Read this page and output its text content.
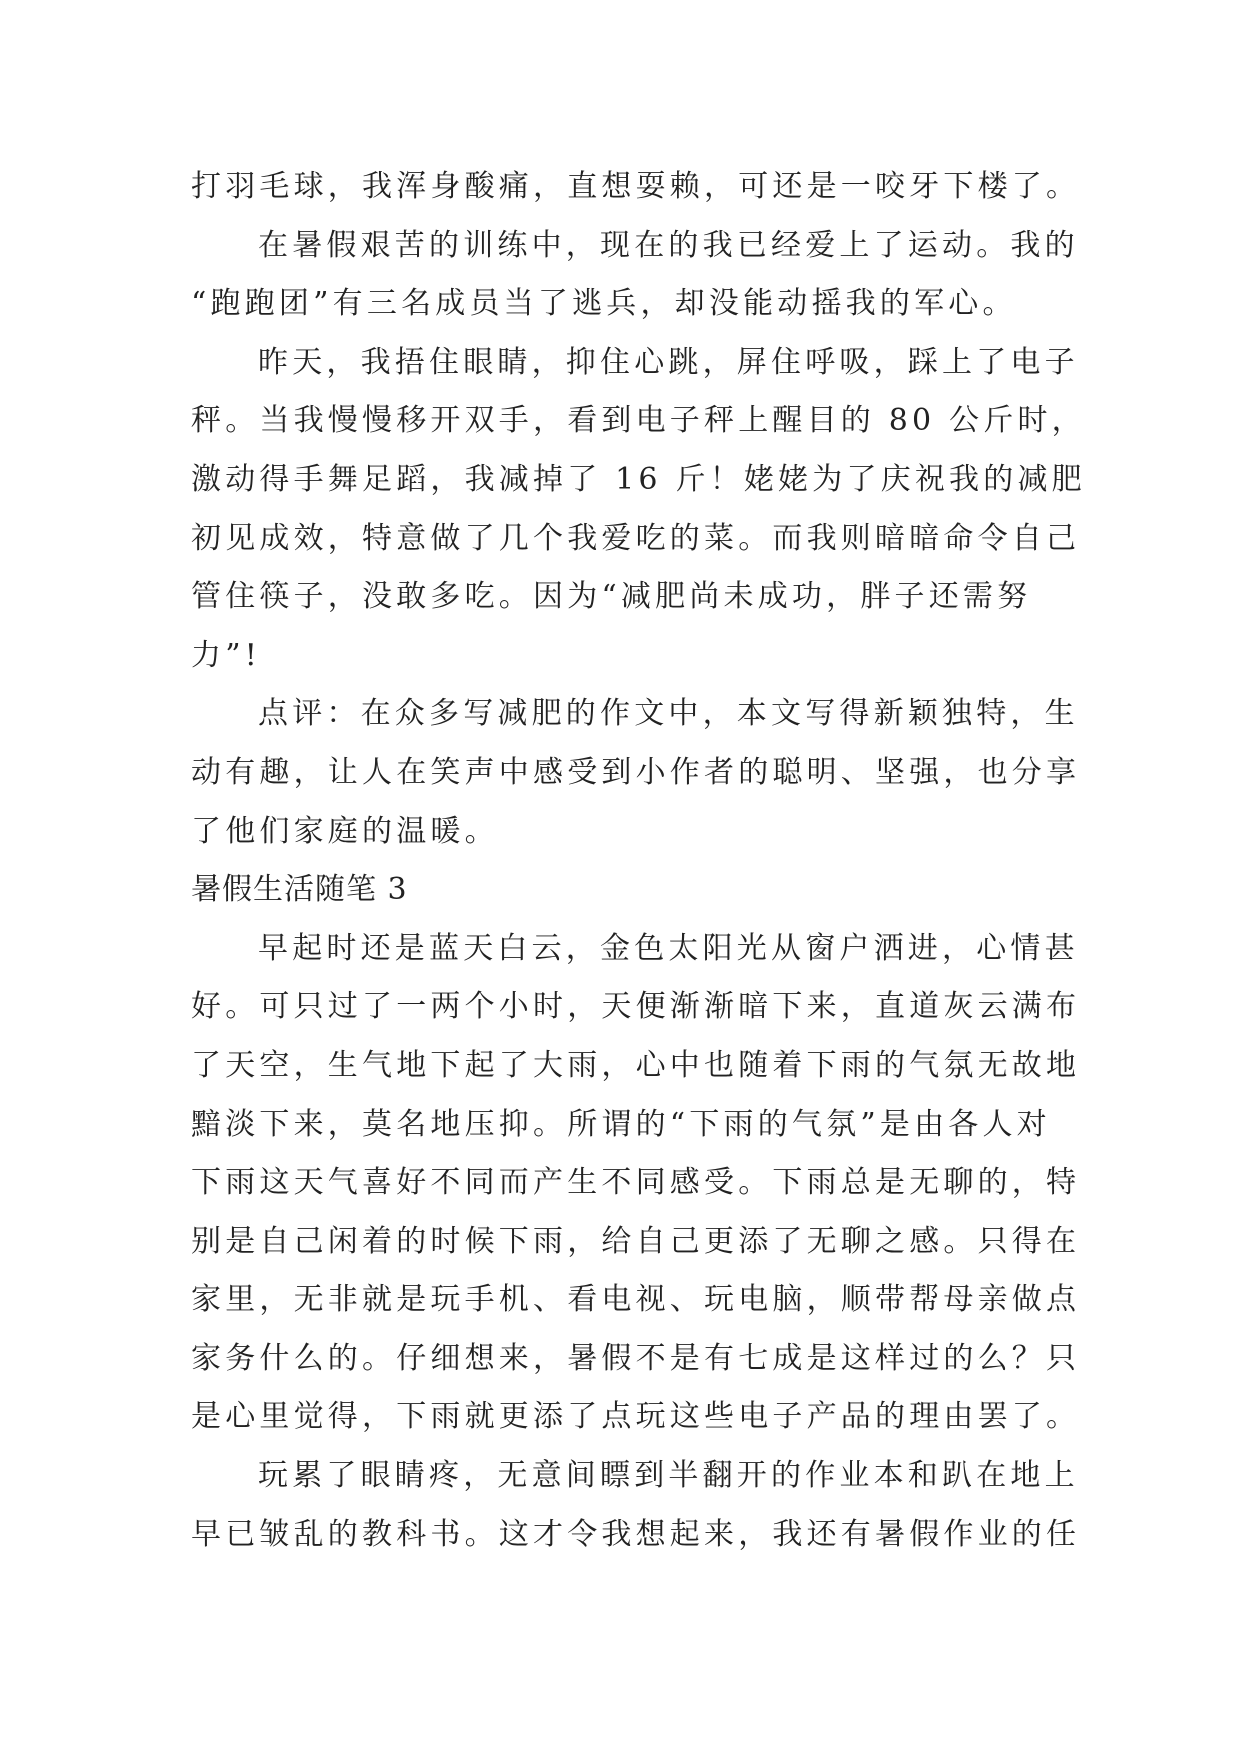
打羽毛球，我浑身酸痛，直想耍赖，可还是一咬牙下楼了。
在暑假艰苦的训练中，现在的我已经爱上了运动。我的
“跑跑团”有三名成员当了逃兵，却没能动摇我的军心。
昨天，我捂住眼睛，抑住心跳，屏住呼吸，踩上了电子
秤。当我慢慢移开双手，看到电子秤上醒目的 80 公斤时，
激动得手舞足蹈，我减掉了 16 斤！姥姥为了庆祝我的减肥
初见成效，特意做了几个我爱吃的菜。而我则暗暗命令自己
管住筷子，没敢多吃。因为“减肥尚未成功，胖子还需努
力”!
点评：在众多写减肥的作文中，本文写得新颖独特，生
动有趣，让人在笑声中感受到小作者的聪明、坚强，也分享
了他们家庭的温暖。
暑假生活随笔 3
早起时还是蓝天白云，金色太阳光从窗户洒进，心情甚
好。可只过了一两个小时，天便渐渐暗下来，直道灰云满布
了天空，生气地下起了大雨，心中也随着下雨的气氛无故地
黯淡下来，莫名地压抑。所谓的“下雨的气氛”是由各人对
下雨这天气喜好不同而产生不同感受。下雨总是无聊的，特
别是自己闲着的时候下雨，给自己更添了无聊之感。只得在
家里，无非就是玩手机、看电视、玩电脑，顺带帮母亲做点
家务什么的。仔细想来，暑假不是有七成是这样过的么？只
是心里觉得，下雨就更添了点玩这些电子产品的理由罢了。
玩累了眼睛疼，无意间瞟到半翻开的作业本和趴在地上
早已皱乱的教科书。这才令我想起来，我还有暑假作业的任
